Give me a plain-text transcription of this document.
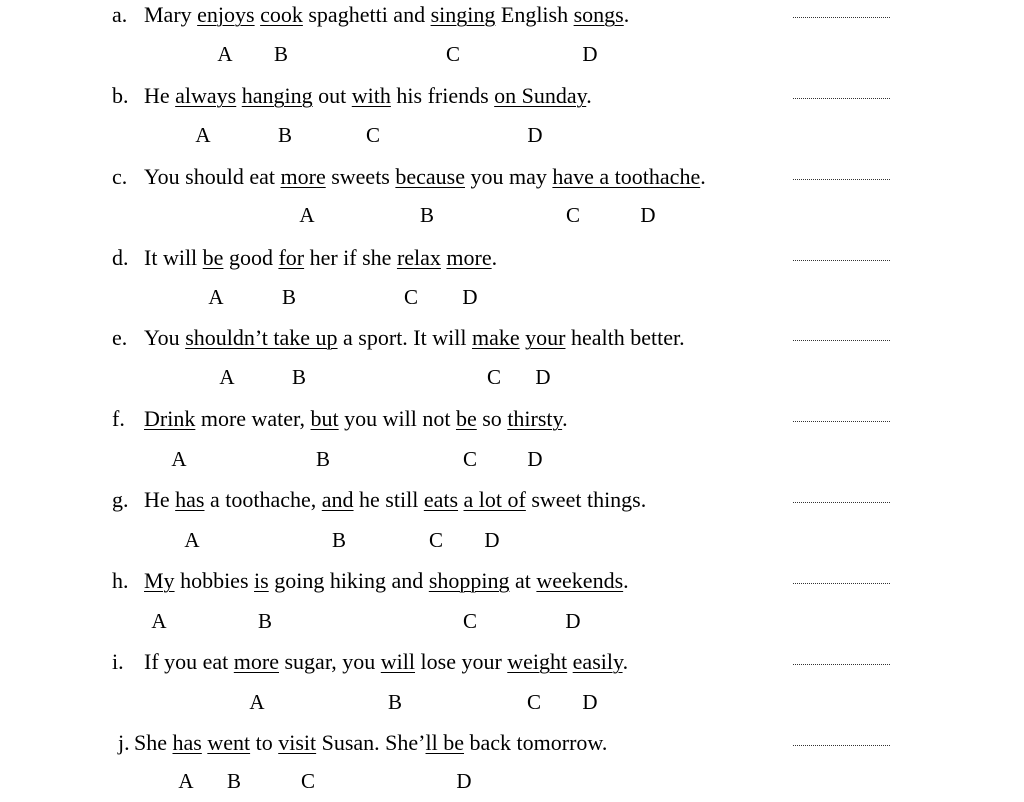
a. Mary enjoys cook spaghetti and singing English songs.
A B	C	D
b. He always hanging out with his friends on Sunday.
A	B	C	D
c. You should eat more sweets because you may have a toothache.
A	B	C	D
d. It will be good for her if she relax more.
A	B	C D
e. You shouldn’t take up a sport. It will make your health better.
A	B	C D
f. Drink more water, but you will not be so thirsty.
A	B	C D
g. He has a toothache, and he still eats a lot of sweet things.
A	B	C D
h. My hobbies is going hiking and shopping at weekends.
A	B	C	D
i. If you eat more sugar, you will lose your weight easily.
A	B	C D
j. She has went to visit Susan. She’ll be back tomorrow.
A B	C	D
